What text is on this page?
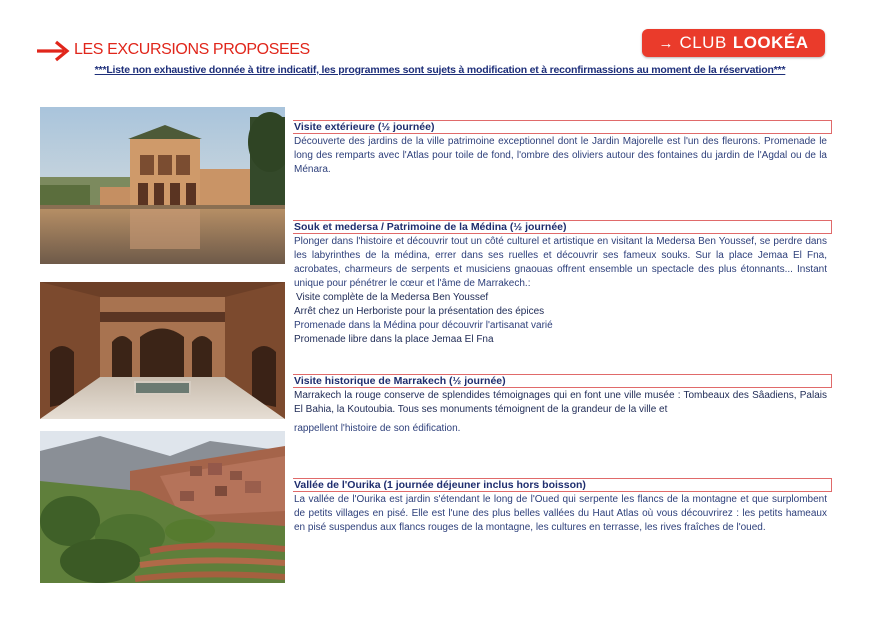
LES EXCURSIONS PROPOSEES	→ CLUB LOOKÉA
***Liste non exhaustive donnée à titre indicatif, les programmes sont sujets à modification et à reconfirmassions au moment de la réservation***
Visite extérieure (½ journée)

Découverte des jardins de la ville patrimoine exceptionnel dont le Jardin Majorelle est l'un des fleurons. Promenade le long des remparts avec l'Atlas pour toile de fond, l'ombre des oliviers autour des fontaines du jardin de l'Agdal ou de la Ménara.

Souk et medersa / Patrimoine de la Médina (½ journée)

Plonger dans l'histoire et découvrir tout un côté culturel et artistique en visitant la Medersa Ben Youssef, se perdre dans les labyrinthes de la médina, errer dans ses ruelles et découvrir ses fameux souks. Sur la place Jemaa El Fna, acrobates, charmeurs de serpents et musiciens gnaouas offrent ensemble un spectacle des plus étonnants... Instant unique pour pénétrer le cœur et l'âme de Marrakech.:

Visite complète de la Medersa Ben Youssef

Arrêt chez un Herboriste pour la présentation des épices

Promenade dans la Médina pour découvrir l'artisanat varié

Promenade libre dans la place Jemaa El Fna

Visite historique de Marrakech (½ journée)

Marrakech la rouge conserve de splendides témoignages qui en font une ville musée : Tombeaux des Sâadiens, Palais El Bahia, la Koutoubia. Tous ses monuments témoignent de la grandeur de la ville et

rappellent l'histoire de son édification.

Vallée de l'Ourika (1 journée déjeuner inclus hors boisson)

La vallée de l'Ourika est jardin s'étendant le long de l'Oued qui serpente les flancs de la montagne et que surplombent de petits villages en pisé. Elle est l'une des plus belles vallées du Haut Atlas où vous découvrirez : les petits hameaux en pisé suspendus aux flancs rouges de la montagne, les cultures en terrasse, les rives fraîches de l'oued.
